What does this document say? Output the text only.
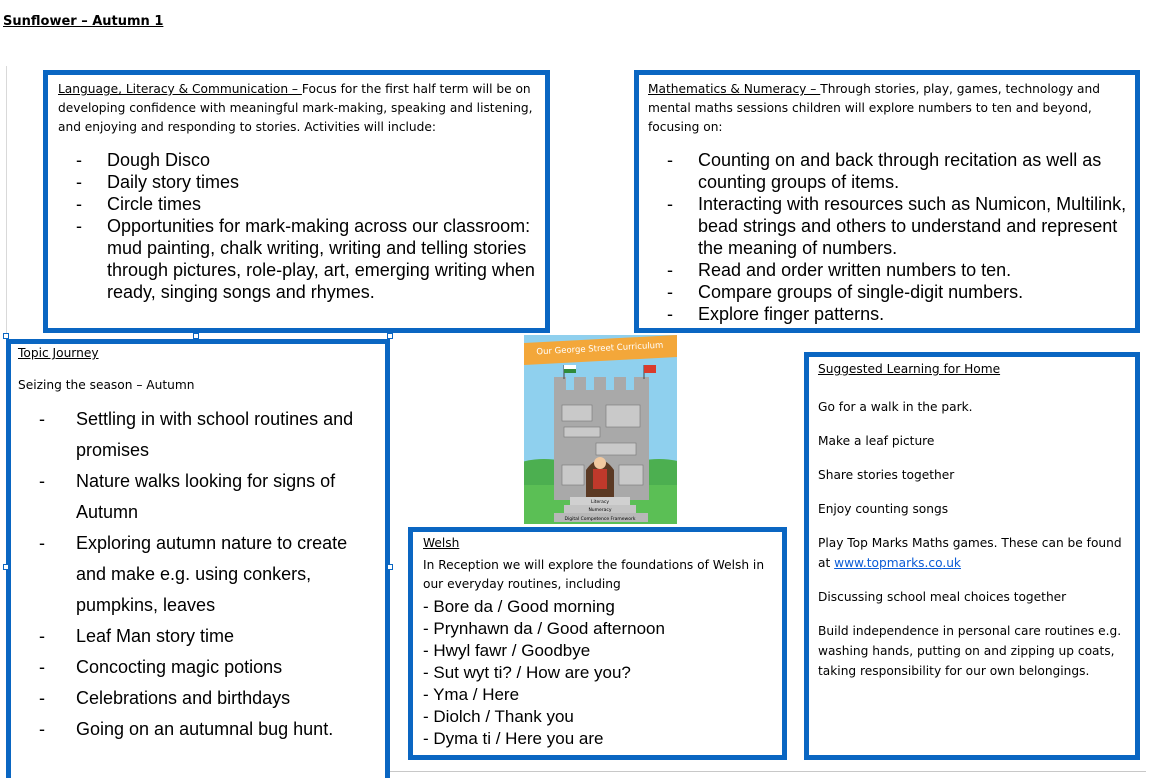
Sunflower – Autumn 1

Language, Literacy & Communication – Focus for the first half term will be on developing confidence with meaningful mark-making, speaking and listening, and enjoying and responding to stories. Activities will include:

- Dough Disco
- Daily story times
- Circle times
- Opportunities for mark-making across our classroom: mud painting, chalk writing, writing and telling stories through pictures, role-play, art, emerging writing when ready, singing songs and rhymes.

Mathematics & Numeracy – Through stories, play, games, technology and mental maths sessions children will explore numbers to ten and beyond, focusing on:

- Counting on and back through recitation as well as counting groups of items.
- Interacting with resources such as Numicon, Multilink, bead strings and others to understand and represent the meaning of numbers.
- Read and order written numbers to ten.
- Compare groups of single-digit numbers.
- Explore finger patterns.
Topic Journey
Seizing the season – Autumn
- Settling in with school routines and promises
- Nature walks looking for signs of Autumn
- Exploring autumn nature to create and make e.g. using conkers, pumpkins, leaves
- Leaf Man story time
- Concocting magic potions
- Celebrations and birthdays
- Going on an autumnal bug hunt.
Our George Street Curriculum
Literacy
Numeracy
Digital Competence Framework
Welsh

In Reception we will explore the foundations of Welsh in our everyday routines, including

- Bore da / Good morning
- Prynhawn da / Good afternoon
- Hwyl fawr / Goodbye
- Sut wyt ti? / How are you?
- Yma / Here
- Diolch / Thank you
- Dyma ti / Here you are
Suggested Learning for Home

Go for a walk in the park.

Make a leaf picture

Share stories together

Enjoy counting songs

Play Top Marks Maths games. These can be found at www.topmarks.co.uk

Discussing school meal choices together

Build independence in personal care routines e.g. washing hands, putting on and zipping up coats, taking responsibility for our own belongings.
